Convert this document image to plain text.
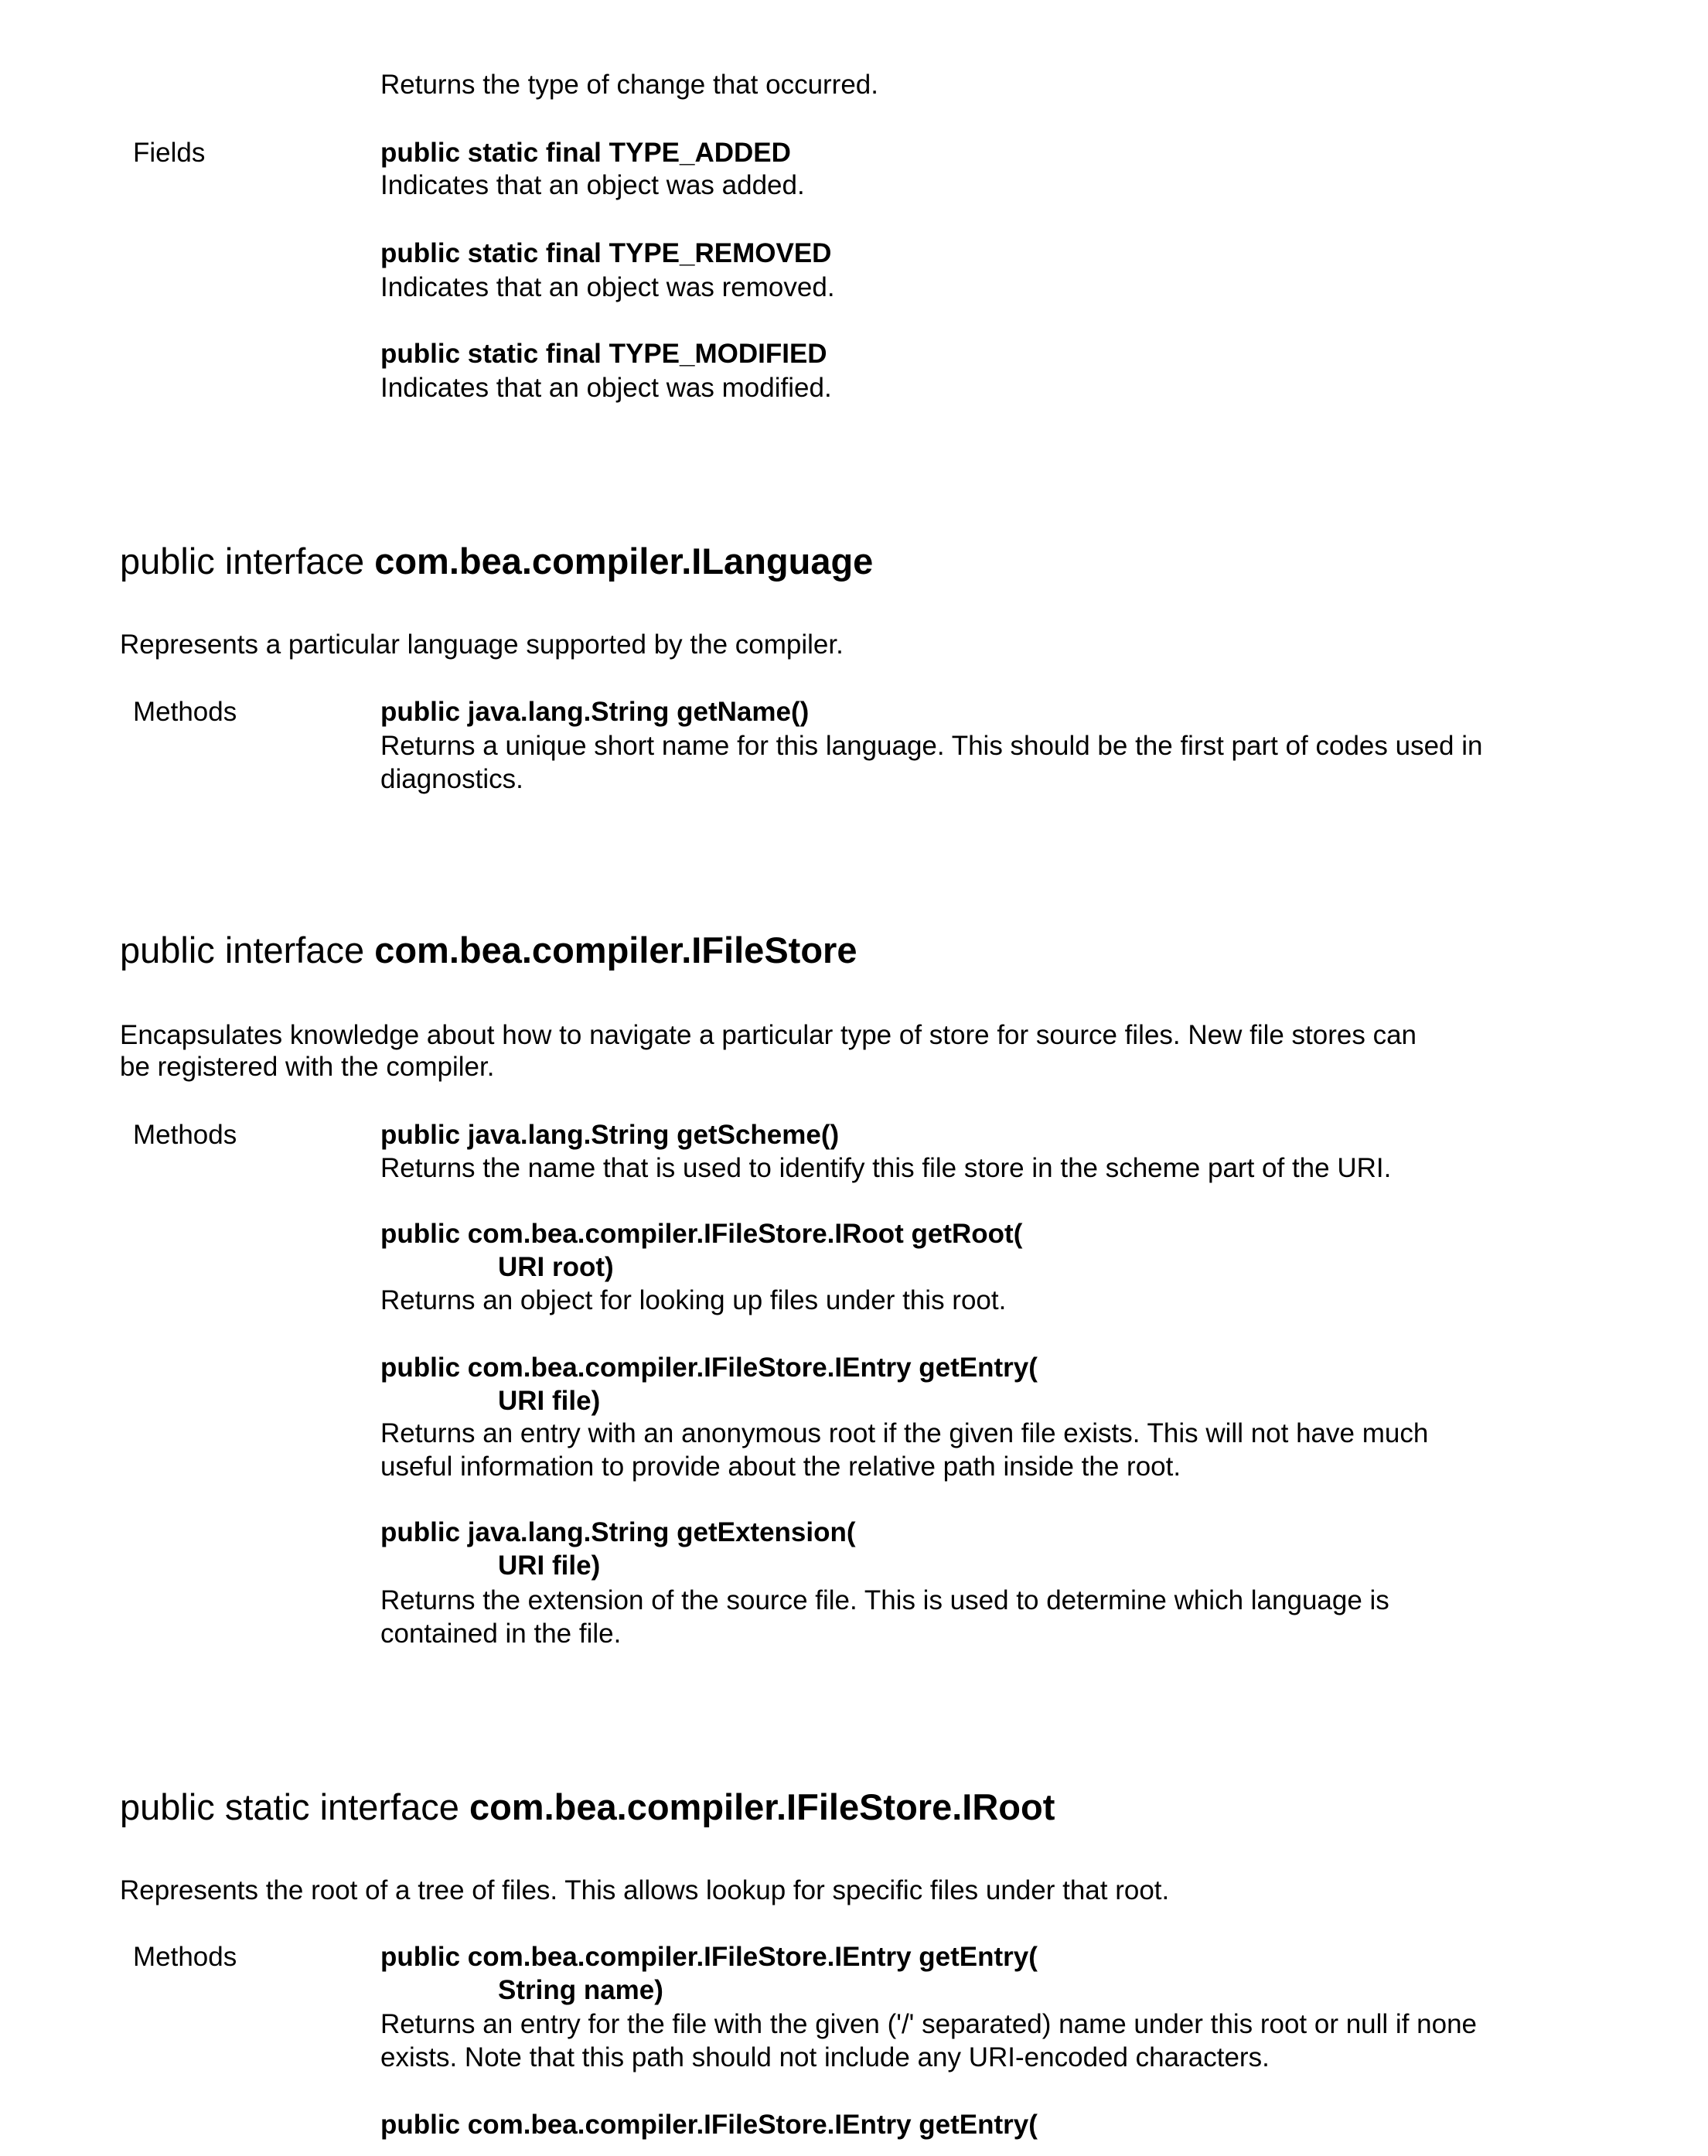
Returns the type of change that occurred.
Fields	public static final TYPE_ADDED
Indicates that an object was added.
public static final TYPE_REMOVED
Indicates that an object was removed.
public static final TYPE_MODIFIED
Indicates that an object was modified.
public interface com.bea.compiler.ILanguage
Represents a particular language supported by the compiler.
Methods	public java.lang.String getName()
Returns a unique short name for this language. This should be the first part of codes used in
diagnostics.
public interface com.bea.compiler.IFileStore
Encapsulates knowledge about how to navigate a particular type of store for source files. New file stores can
be registered with the compiler.
Methods	public java.lang.String getScheme()
Returns the name that is used to identify this file store in the scheme part of the URI.
public com.bea.compiler.IFileStore.IRoot getRoot(
URI root)
Returns an object for looking up files under this root.
public com.bea.compiler.IFileStore.IEntry getEntry(
URI file)
Returns an entry with an anonymous root if the given file exists. This will not have much
useful information to provide about the relative path inside the root.
public java.lang.String getExtension(
URI file)
Returns the extension of the source file. This is used to determine which language is
contained in the file.
public static interface com.bea.compiler.IFileStore.IRoot
Represents the root of a tree of files. This allows lookup for specific files under that root.
Methods	public com.bea.compiler.IFileStore.IEntry getEntry(
String name)
Returns an entry for the file with the given ('/' separated) name under this root or null if none
exists. Note that this path should not include any URI-encoded characters.
public com.bea.compiler.IFileStore.IEntry getEntry(
